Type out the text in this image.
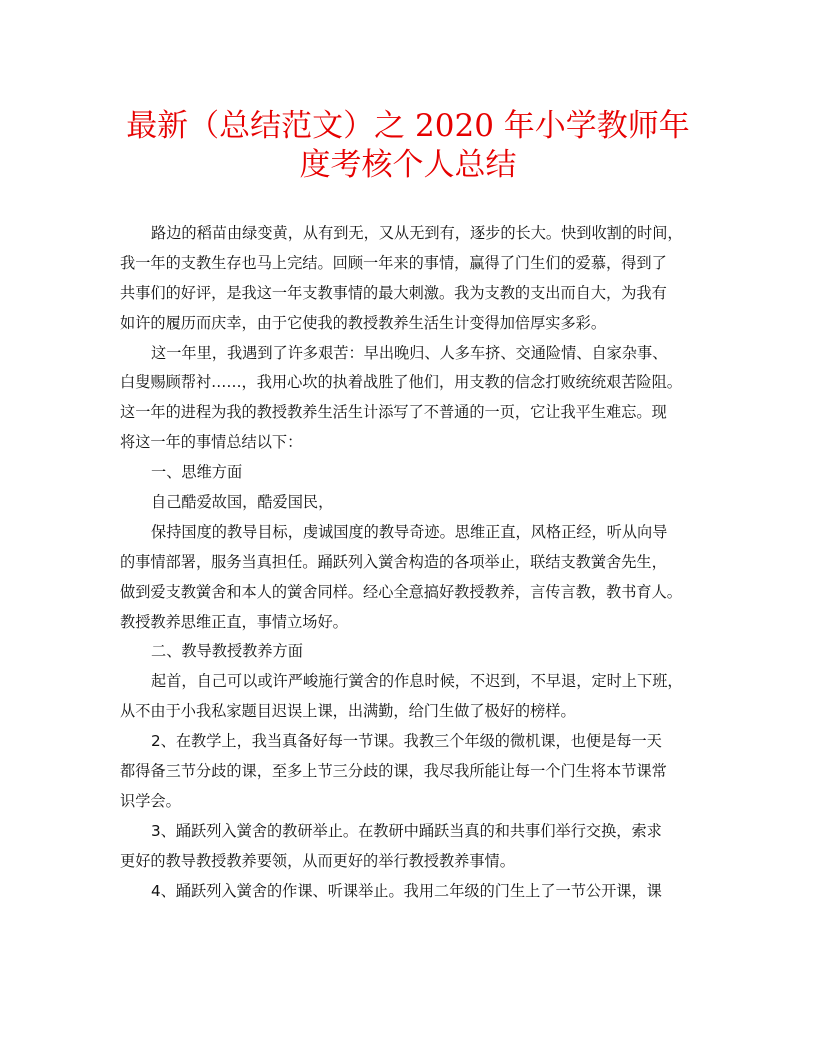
最新（总结范文）之 2020 年小学教师年
度考核个人总结
路边的稻苗由绿变黄，从有到无，又从无到有，逐步的长大。快到收割的时间，
我一年的支教生存也马上完结。回顾一年来的事情，赢得了门生们的爱慕，得到了
共事们的好评，是我这一年支教事情的最大刺激。我为支教的支出而自大，为我有
如许的履历而庆幸，由于它使我的教授教养生活生计变得加倍厚实多彩。
这一年里，我遇到了许多艰苦：早出晚归、人多车挤、交通险情、自家杂事、
白叟赐顾帮衬……，我用心坎的执着战胜了他们，用支教的信念打败统统艰苦险阻。
这一年的进程为我的教授教养生活生计添写了不普通的一页，它让我平生难忘。现
将这一年的事情总结以下：
一、思维方面
自己酷爱故国，酷爱国民，
保持国度的教导目标，虔诚国度的教导奇迹。思维正直，风格正经，听从向导
的事情部署，服务当真担任。踊跃列入黉舍构造的各项举止，联结支教黉舍先生，
做到爱支教黉舍和本人的黉舍同样。经心全意搞好教授教养，言传言教，教书育人。
教授教养思维正直，事情立场好。
二、教导教授教养方面
起首，自己可以或许严峻施行黉舍的作息时候，不迟到，不早退，定时上下班，
从不由于小我私家题目迟误上课，出满勤，给门生做了极好的榜样。
2、在教学上，我当真备好每一节课。我教三个年级的微机课，也便是每一天
都得备三节分歧的课，至多上节三分歧的课，我尽我所能让每一个门生将本节课常
识学会。
3、踊跃列入黉舍的教研举止。在教研中踊跃当真的和共事们举行交换，索求
更好的教导教授教养要领，从而更好的举行教授教养事情。
4、踊跃列入黉舍的作课、听课举止。我用二年级的门生上了一节公开课，课
